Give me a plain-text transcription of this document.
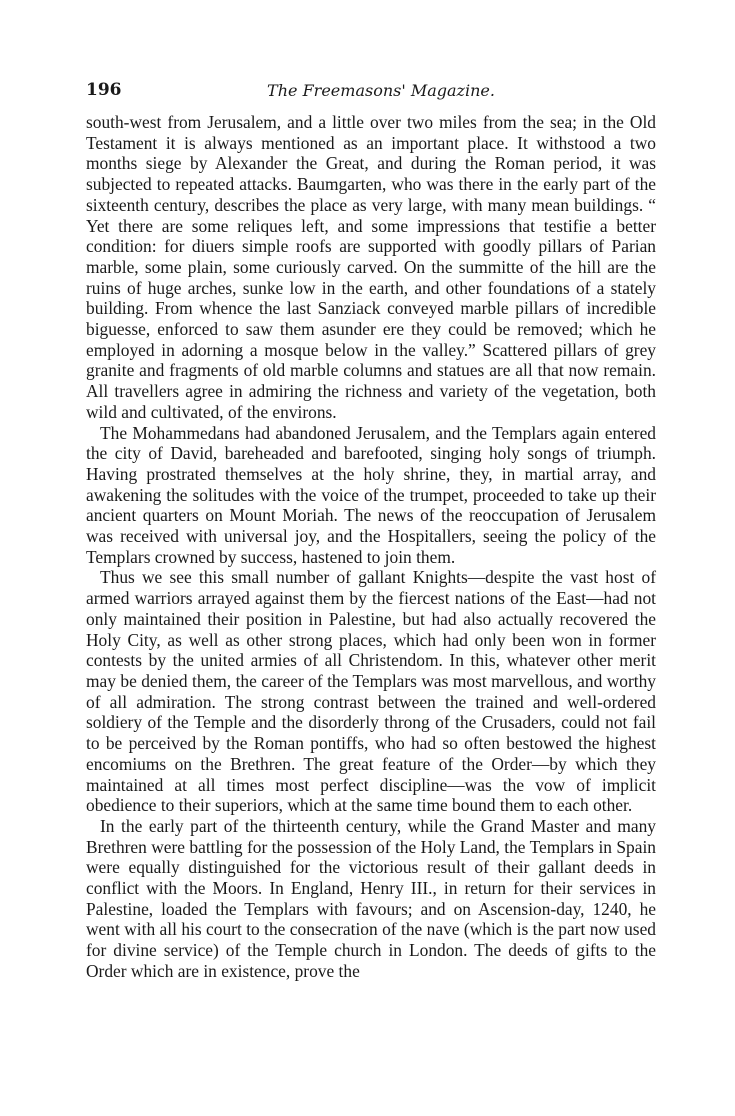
196	The Freemasons' Magazine.

south-west from Jerusalem, and a little over two miles from the sea; in the Old Testament it is always mentioned as an important place. It withstood a two months siege by Alexander the Great, and during the Roman period, it was subjected to repeated attacks. Baumgarten, who was there in the early part of the sixteenth century, describes the place as very large, with many mean buildings. “ Yet there are some reliques left, and some impressions that testifie a better condition: for diuers simple roofs are supported with goodly pillars of Parian marble, some plain, some curiously carved. On the summitte of the hill are the ruins of huge arches, sunke low in the earth, and other foundations of a stately building. From whence the last Sanziack conveyed marble pillars of incredible biguesse, enforced to saw them asunder ere they could be removed; which he employed in adorning a mosque below in the valley.” Scattered pillars of grey granite and fragments of old marble columns and statues are all that now remain. All travellers agree in admiring the richness and variety of the vegetation, both wild and cultivated, of the environs.

The Mohammedans had abandoned Jerusalem, and the Templars again entered the city of David, bareheaded and barefooted, singing holy songs of triumph. Having prostrated themselves at the holy shrine, they, in martial array, and awakening the solitudes with the voice of the trumpet, proceeded to take up their ancient quarters on Mount Moriah. The news of the reoccupation of Jerusalem was received with universal joy, and the Hospitallers, seeing the policy of the Templars crowned by success, hastened to join them.

Thus we see this small number of gallant Knights—despite the vast host of armed warriors arrayed against them by the fiercest nations of the East—had not only maintained their position in Palestine, but had also actually recovered the Holy City, as well as other strong places, which had only been won in former contests by the united armies of all Christendom. In this, whatever other merit may be denied them, the career of the Templars was most marvellous, and worthy of all admiration. The strong contrast between the trained and well-ordered soldiery of the Temple and the disorderly throng of the Crusaders, could not fail to be perceived by the Roman pontiffs, who had so often bestowed the highest encomiums on the Brethren. The great feature of the Order—by which they maintained at all times most perfect discipline—was the vow of implicit obedience to their superiors, which at the same time bound them to each other.

In the early part of the thirteenth century, while the Grand Master and many Brethren were battling for the possession of the Holy Land, the Templars in Spain were equally distinguished for the victorious result of their gallant deeds in conflict with the Moors. In England, Henry III., in return for their services in Palestine, loaded the Templars with favours; and on Ascension-day, 1240, he went with all his court to the consecration of the nave (which is the part now used for divine service) of the Temple church in London. The deeds of gifts to the Order which are in existence, prove the
